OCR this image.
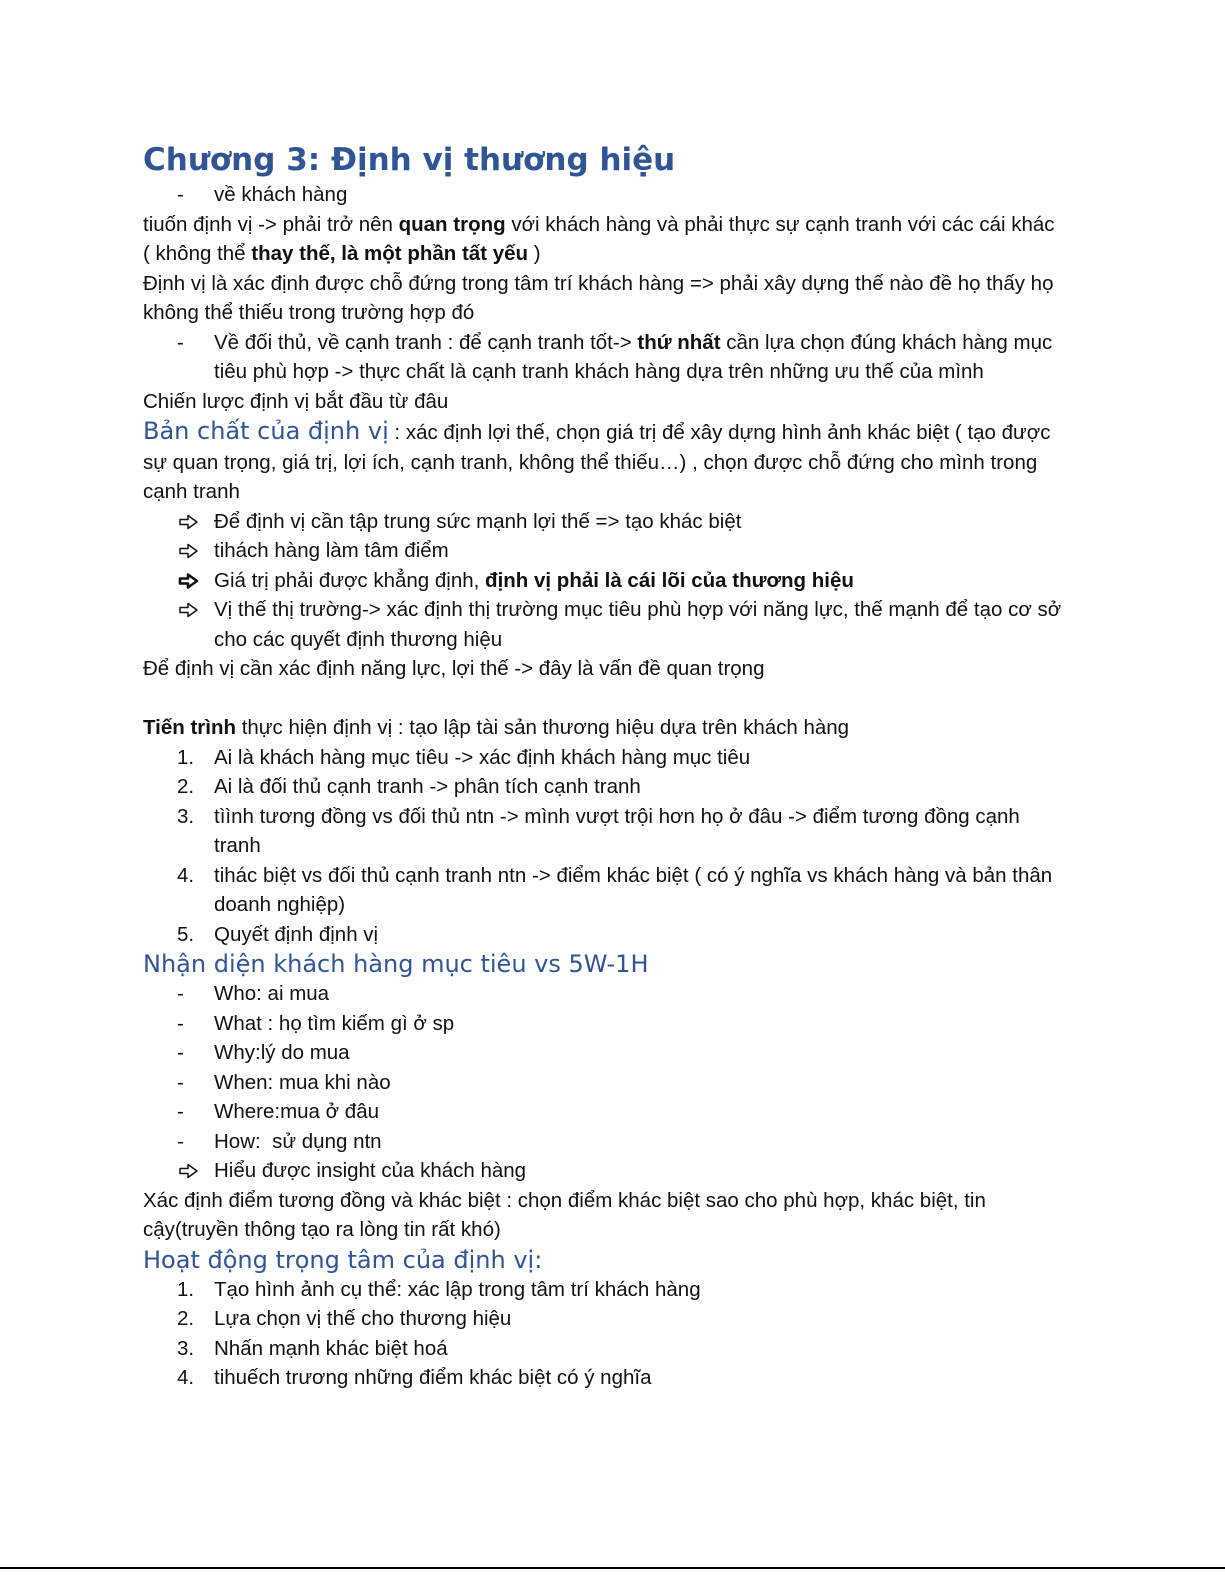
Chương 3: Định vị thương hiệu
-	về khách hàng
tiuốn định vị -> phải trở nên quan trọng với khách hàng và phải thực sự cạnh tranh với các cái khác ( không thể thay thế, là một phần tất yếu )
Định vị là xác định được chỗ đứng trong tâm trí khách hàng => phải xây dựng thế nào đề họ thấy họ không thể thiếu trong trường hợp đó
-	Về đối thủ, về cạnh tranh : để cạnh tranh tốt-> thứ nhất cần lựa chọn đúng khách hàng mục tiêu phù hợp -> thực chất là cạnh tranh khách hàng dựa trên những ưu thế của mình
Chiến lược định vị bắt đầu từ đâu
Bản chất của định vị : xác định lợi thế, chọn giá trị để xây dựng hình ảnh khác biệt ( tạo được sự quan trọng, giá trị, lợi ích, cạnh tranh, không thể thiếu…) , chọn được chỗ đứng cho mình trong cạnh tranh
Để định vị cần tập trung sức mạnh lợi thế => tạo khác biệt
tihách hàng làm tâm điểm
Giá trị phải được khẳng định, định vị phải là cái lõi của thương hiệu
Vị thế thị trường-> xác định thị trường mục tiêu phù hợp với năng lực, thế mạnh để tạo cơ sở cho các quyết định thương hiệu
Để định vị cần xác định năng lực, lợi thế -> đây là vấn đề quan trọng
Tiến trình thực hiện định vị : tạo lập tài sản thương hiệu dựa trên khách hàng
1. Ai là khách hàng mục tiêu -> xác định khách hàng mục tiêu
2. Ai là đối thủ cạnh tranh -> phân tích cạnh tranh
3. tìình tương đồng vs đối thủ ntn -> mình vượt trội hơn họ ở đâu -> điểm tương đồng cạnh tranh
4. tihác biệt vs đối thủ cạnh tranh ntn -> điểm khác biệt ( có ý nghĩa vs khách hàng và bản thân doanh nghiệp)
5. Quyết định định vị
Nhận diện khách hàng mục tiêu vs 5W-1H
-	Who: ai mua
-	What : họ tìm kiếm gì ở sp
-	Why:lý do mua
-	When: mua khi nào
-	Where:mua ở đâu
-	How:  sử dụng ntn
Hiểu được insight của khách hàng
Xác định điểm tương đồng và khác biệt : chọn điểm khác biệt sao cho phù hợp, khác biệt, tin cậy(truyền thông tạo ra lòng tin rất khó)
Hoạt động trọng tâm của định vị:
1. Tạo hình ảnh cụ thể: xác lập trong tâm trí khách hàng
2. Lựa chọn vị thế cho thương hiệu
3. Nhấn mạnh khác biệt hoá
4. tihuếch trương những điểm khác biệt có ý nghĩa
